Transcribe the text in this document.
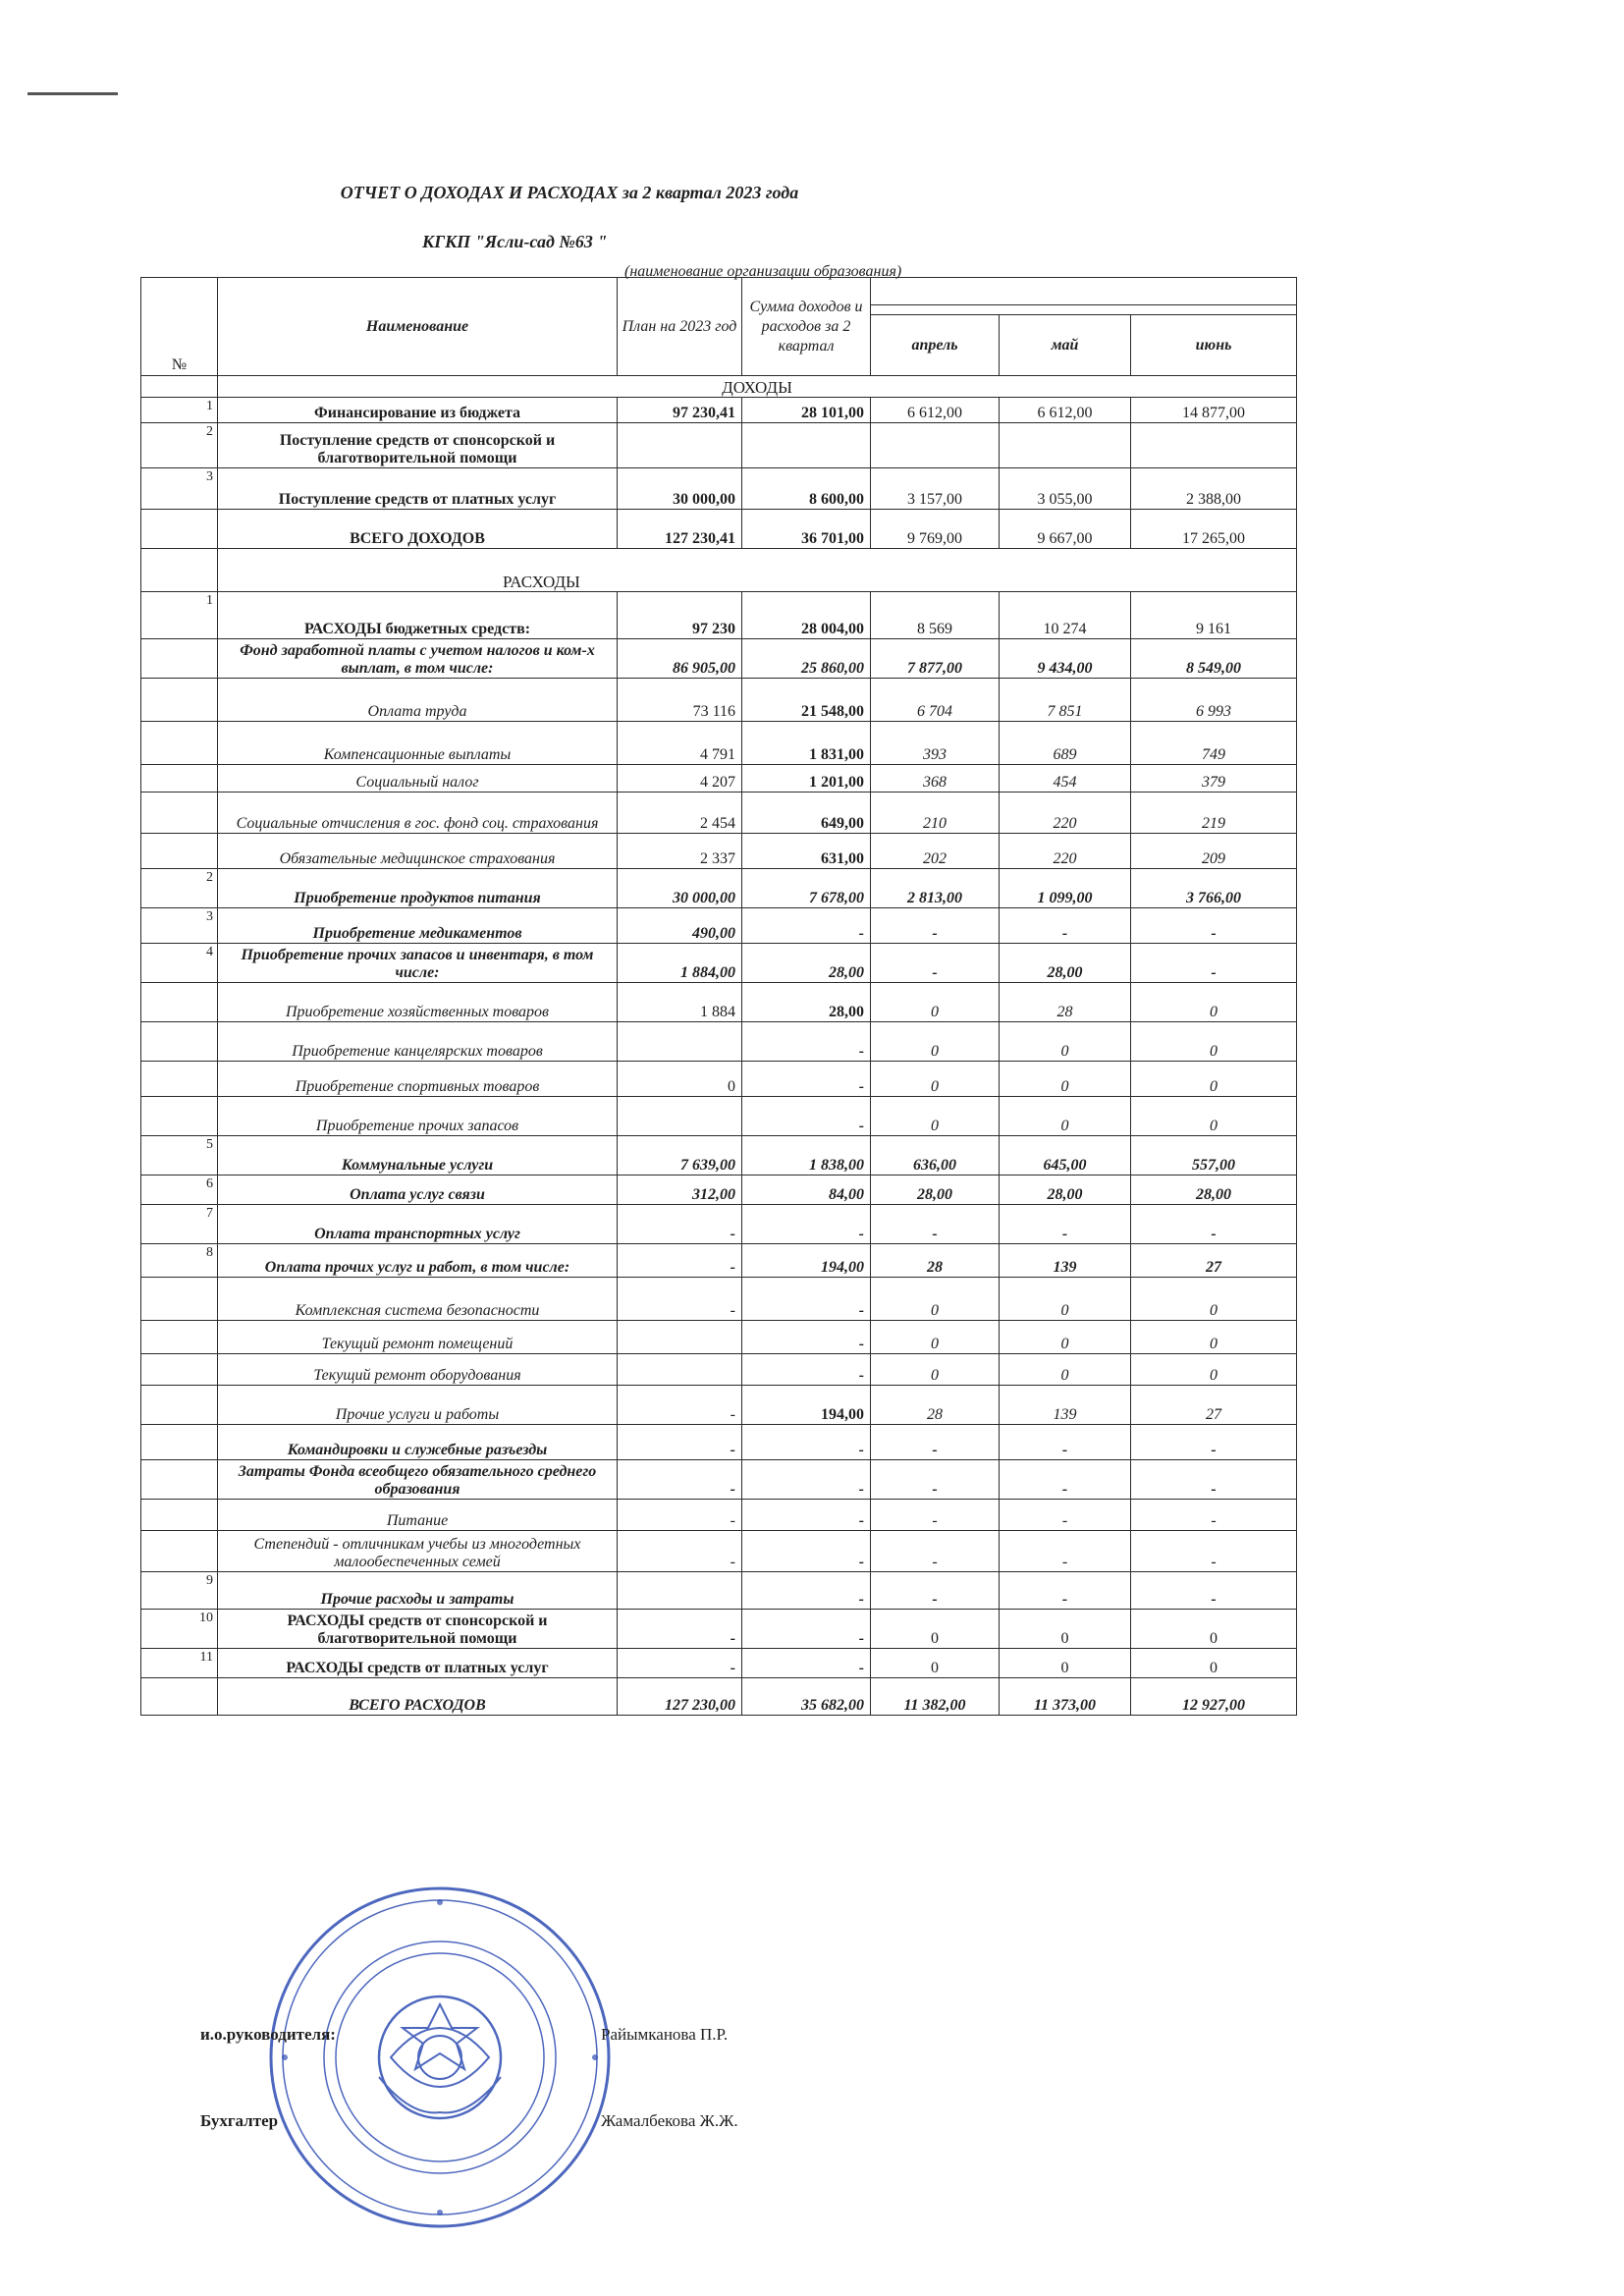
ОТЧЕТ О ДОХОДАХ И РАСХОДАХ за 2 квартал 2023 года
КГКП "Ясли-сад №63 "
(наименование организации образования)
№	Наименование	План на 2023 год	Сумма доходов и расходов за 2 квартал			

				апрель	май	июнь
	ДОХОДЫ					
1	Финансирование из бюджета	97 230,41	28 101,00	6 612,00	6 612,00	14 877,00
2	Поступление средств от спонсорской и благотворительной помощи					
3	Поступление средств от платных услуг	30 000,00	8 600,00	3 157,00	3 055,00	2 388,00
	ВСЕГО ДОХОДОВ	127 230,41	36 701,00	9 769,00	9 667,00	17 265,00
	РАСХОДЫ					
1	РАСХОДЫ бюджетных средств:	97 230	28 004,00	8 569	10 274	9 161
	Фонд заработной платы с учетом налогов и ком-х выплат, в том числе:	86 905,00	25 860,00	7 877,00	9 434,00	8 549,00
	Оплата труда	73 116	21 548,00	6 704	7 851	6 993
	Компенсационные выплаты	4 791	1 831,00	393	689	749
	Социальный налог	4 207	1 201,00	368	454	379
	Социальные отчисления в гос. фонд соц. страхования	2 454	649,00	210	220	219
	Обязательные медицинское страхования	2 337	631,00	202	220	209
2	Приобретение продуктов питания	30 000,00	7 678,00	2 813,00	1 099,00	3 766,00
3	Приобретение медикаментов	490,00	-	-	-	-
4	Приобретение прочих запасов и инвентаря, в том числе:	1 884,00	28,00	-	28,00	-
	Приобретение хозяйственных товаров	1 884	28,00	0	28	0
	Приобретение канцелярских товаров		-	0	0	0
	Приобретение спортивных товаров	0	-	0	0	0
	Приобретение прочих запасов		-	0	0	0
5	Коммунальные услуги	7 639,00	1 838,00	636,00	645,00	557,00
6	Оплата услуг связи	312,00	84,00	28,00	28,00	28,00
7	Оплата транспортных услуг	-	-	-	-	-
8	Оплата прочих услуг и работ, в том числе:	-	194,00	28	139	27
	Комплексная система безопасности	-	-	0	0	0
	Текущий ремонт помещений		-	0	0	0
	Текущий ремонт оборудования		-	0	0	0
	Прочие услуги и работы	-	194,00	28	139	27
	Командировки и служебные разъезды	-	-	-	-	-
	Затраты Фонда всеобщего обязательного среднего образования	-	-	-	-	-
	Питание	-	-	-	-	-
	Степендий - отличникам учебы из многодетных малообеспеченных семей	-	-	-	-	-
9	Прочие расходы и затраты		-	-	-	-
10	РАСХОДЫ средств от спонсорской и благотворительной помощи	-	-	0	0	0
11	РАСХОДЫ средств от платных услуг	-	-	0	0	0
	ВСЕГО РАСХОДОВ	127 230,00	35 682,00	11 382,00	11 373,00	12 927,00
и.о.руководителя:	Райымканова П.Р.
Бухгалтер	Жамалбекова Ж.Ж.
